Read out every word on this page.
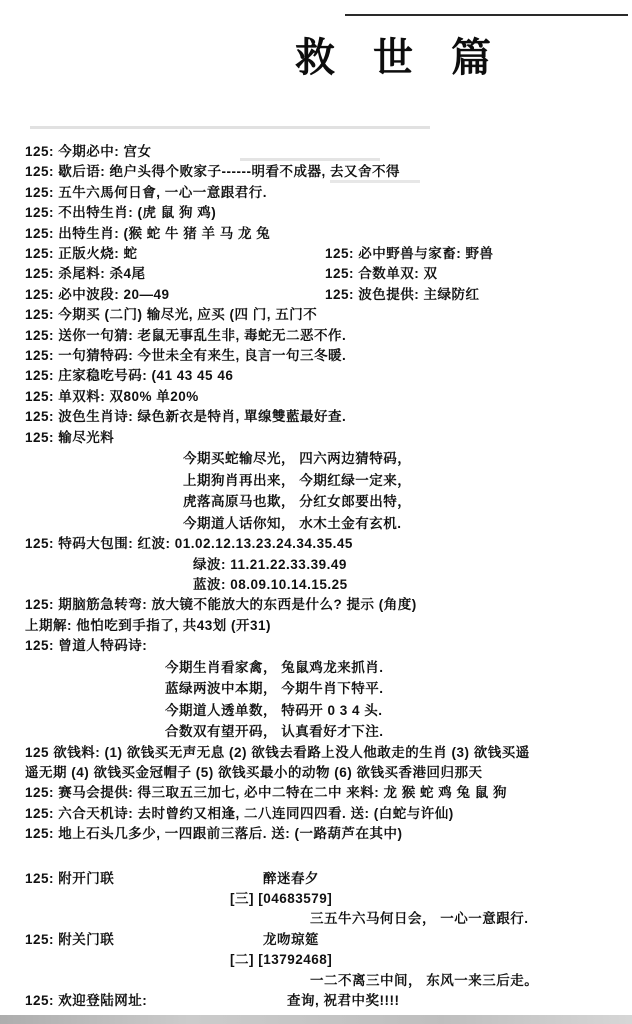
救 世 篇

125: 今期必中: 宫女

125: 歇后语: 绝户头得个败家子------明看不成器, 去又舍不得

125: 五牛六馬何日會, 一心一意跟君行.

125: 不出特生肖: (虎 鼠 狗 鸡)

125: 出特生肖: (猴 蛇 牛 猪 羊 马 龙 兔

125: 正版火烧: 蛇	125: 必中野兽与家畜: 野兽

125: 杀尾料: 杀4尾	125: 合数单双: 双

125: 必中波段: 20—49	125: 波色提供: 主绿防红

125: 今期买 (二门) 输尽光, 应买 (四 门, 五门不

125: 送你一句猜: 老鼠无事乱生非, 毒蛇无二恶不作.

125: 一句猜特码: 今世未全有来生, 良言一句三冬暖.

125: 庄家稳吃号码: (41 43 45 46

125: 单双料: 双80% 单20%

125: 波色生肖诗: 绿色新衣是特肖, 單缐雙藍最好查.

125: 输尽光料

今期买蛇输尽光， 四六两边猜特码，

上期狗肖再出来， 今期红绿一定来，

虎落高原马也欺， 分红女郎要出特，

今期道人话你知， 水木土金有玄机.

125: 特码大包围: 红波: 01.02.12.13.23.24.34.35.45

绿波: 11.21.22.33.39.49

蓝波: 08.09.10.14.15.25

125: 期脑筋急转弯: 放大镜不能放大的东西是什么? 提示 (角度)

上期解: 他怕吃到手指了, 共43划 (开31)

125: 曾道人特码诗:

今期生肖看家禽， 兔鼠鸡龙来抓肖.

蓝绿两波中本期， 今期牛肖下特平.

今期道人透单数， 特码开 0 3 4 头.

合数双有望开码， 认真看好才下注.

125 欲钱料: (1) 欲钱买无声无息 (2) 欲钱去看路上没人他敢走的生肖 (3) 欲钱买遥

遥无期 (4) 欲钱买金冠帽子 (5) 欲钱买最小的动物 (6) 欲钱买香港回归那天

125: 赛马会提供: 得三取五三加七, 必中二特在二中 来料: 龙 猴 蛇 鸡 兔 鼠 狗

125: 六合天机诗: 去时曾约又相逢, 二八连同四四看. 送: (白蛇与许仙)

125: 地上石头几多少, 一四跟前三落后. 送: (一路葫芦在其中)

125: 附开门联	醉迷春夕

[三] [04683579]

三五牛六马何日会， 一心一意跟行.

125: 附关门联	龙吻琼筵

[二] [13792468]

一二不离三中间， 东风一来三后走。

125: 欢迎登陆网址:	查询, 祝君中奖!!!!
